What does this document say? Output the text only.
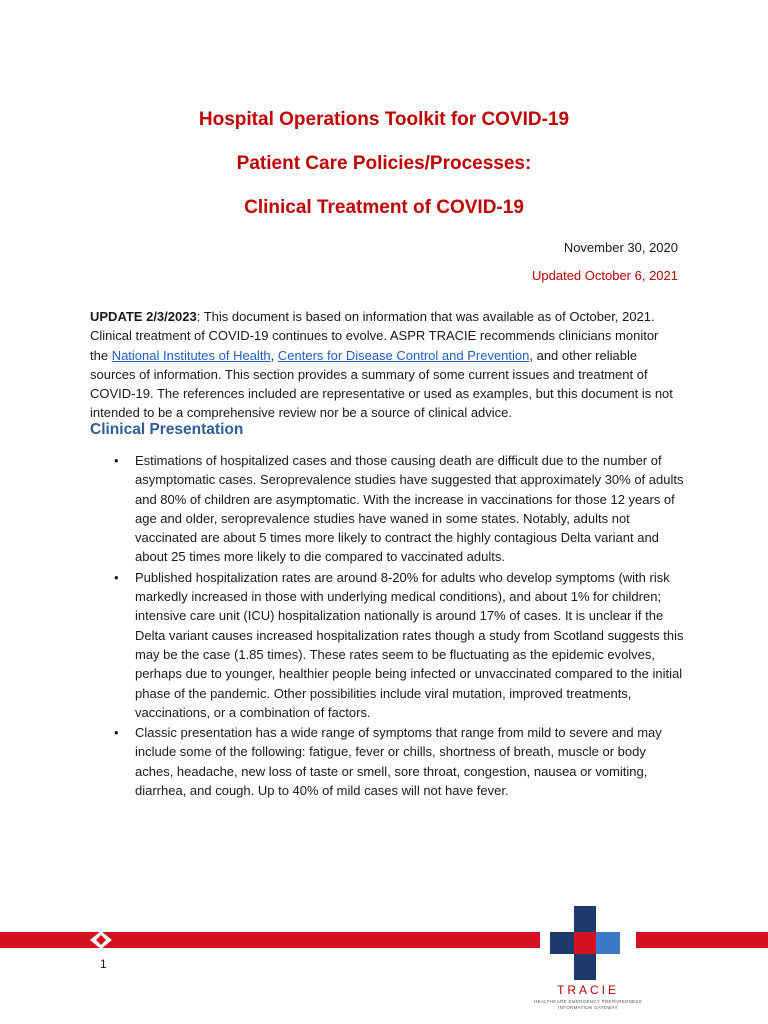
Hospital Operations Toolkit for COVID-19

Patient Care Policies/Processes:

Clinical Treatment of COVID-19

November 30, 2020
Updated October 6, 2021

UPDATE 2/3/2023: This document is based on information that was available as of October, 2021. Clinical treatment of COVID-19 continues to evolve. ASPR TRACIE recommends clinicians monitor the National Institutes of Health, Centers for Disease Control and Prevention, and other reliable sources of information. This section provides a summary of some current issues and treatment of COVID-19. The references included are representative or used as examples, but this document is not intended to be a comprehensive review nor be a source of clinical advice.

Clinical Presentation
• Estimations of hospitalized cases and those causing death are difficult due to the number of asymptomatic cases. Seroprevalence studies have suggested that approximately 30% of adults and 80% of children are asymptomatic. With the increase in vaccinations for those 12 years of age and older, seroprevalence studies have waned in some states. Notably, adults not vaccinated are about 5 times more likely to contract the highly contagious Delta variant and about 25 times more likely to die compared to vaccinated adults.
• Published hospitalization rates are around 8-20% for adults who develop symptoms (with risk markedly increased in those with underlying medical conditions), and about 1% for children; intensive care unit (ICU) hospitalization nationally is around 17% of cases. It is unclear if the Delta variant causes increased hospitalization rates though a study from Scotland suggests this may be the case (1.85 times). These rates seem to be fluctuating as the epidemic evolves, perhaps due to younger, healthier people being infected or unvaccinated compared to the initial phase of the pandemic. Other possibilities include viral mutation, improved treatments, vaccinations, or a combination of factors.
• Classic presentation has a wide range of symptoms that range from mild to severe and may include some of the following: fatigue, fever or chills, shortness of breath, muscle or body aches, headache, new loss of taste or smell, sore throat, congestion, nausea or vomiting, diarrhea, and cough. Up to 40% of mild cases will not have fever.
1
TRACIE
HEALTHCARE EMERGENCY PREPAREDNESS INFORMATION GATEWAY
